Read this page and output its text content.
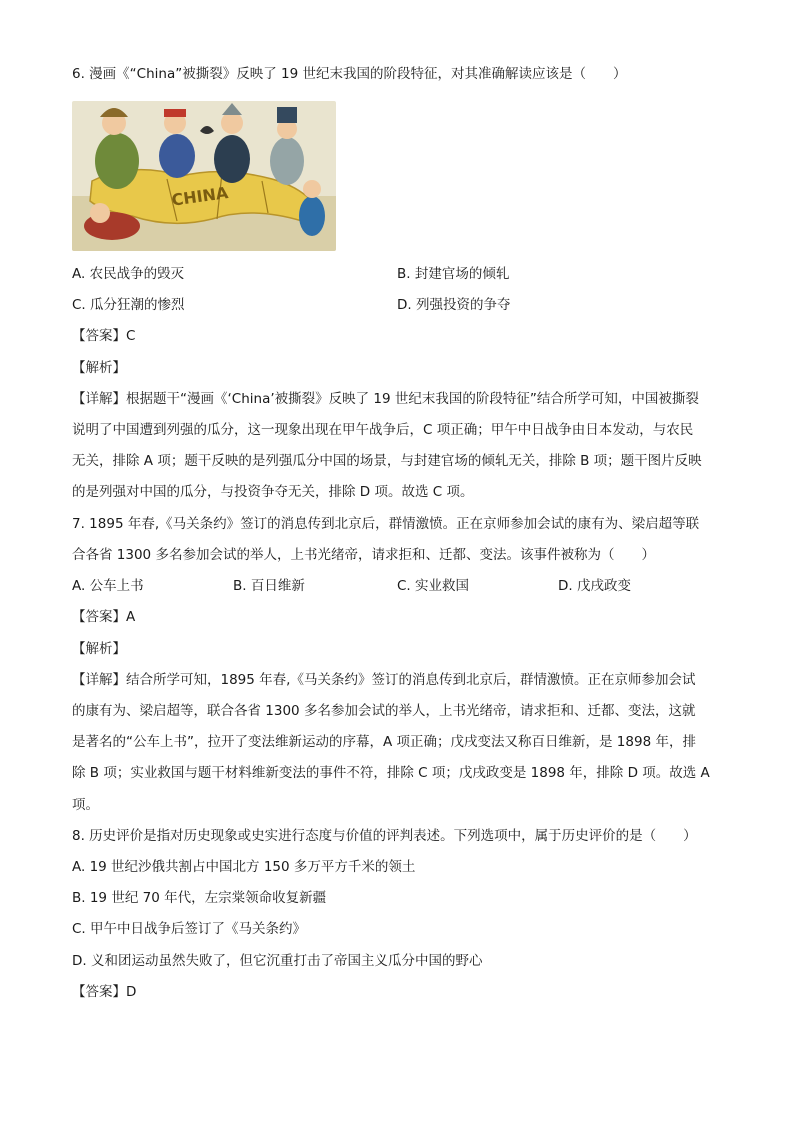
6. 漫画《“China”被撕裂》反映了 19 世纪末我国的阶段特征，对其准确解读应该是（　　）
CHINA
A. 农民战争的毁灭	B. 封建官场的倾轧
C. 瓜分狂潮的惨烈	D. 列强投资的争夺
【答案】C
【解析】
【详解】根据题干“漫画《‘China’被撕裂》反映了 19 世纪末我国的阶段特征”结合所学可知，中国被撕裂
说明了中国遭到列强的瓜分，这一现象出现在甲午战争后，C 项正确；甲午中日战争由日本发动，与农民
无关，排除 A 项；题干反映的是列强瓜分中国的场景，与封建官场的倾轧无关，排除 B 项；题干图片反映
的是列强对中国的瓜分，与投资争夺无关，排除 D 项。故选 C 项。
7. 1895 年春,《马关条约》签订的消息传到北京后，群情激愤。正在京师参加会试的康有为、梁启超等联
合各省 1300 多名参加会试的举人，上书光绪帝，请求拒和、迁都、变法。该事件被称为（　　）
A. 公车上书	B. 百日维新	C. 实业救国	D. 戊戌政变
【答案】A
【解析】
【详解】结合所学可知，1895 年春,《马关条约》签订的消息传到北京后，群情激愤。正在京师参加会试
的康有为、梁启超等，联合各省 1300 多名参加会试的举人，上书光绪帝，请求拒和、迁都、变法，这就
是著名的“公车上书”，拉开了变法维新运动的序幕，A 项正确；戊戌变法又称百日维新，是 1898 年，排
除 B 项；实业救国与题干材料维新变法的事件不符，排除 C 项；戊戌政变是 1898 年，排除 D 项。故选 A
项。
8. 历史评价是指对历史现象或史实进行态度与价值的评判表述。下列选项中，属于历史评价的是（　　）
A. 19 世纪沙俄共割占中国北方 150 多万平方千米的领土
B. 19 世纪 70 年代，左宗棠领命收复新疆
C. 甲午中日战争后签订了《马关条约》
D. 义和团运动虽然失败了，但它沉重打击了帝国主义瓜分中国的野心
【答案】D
